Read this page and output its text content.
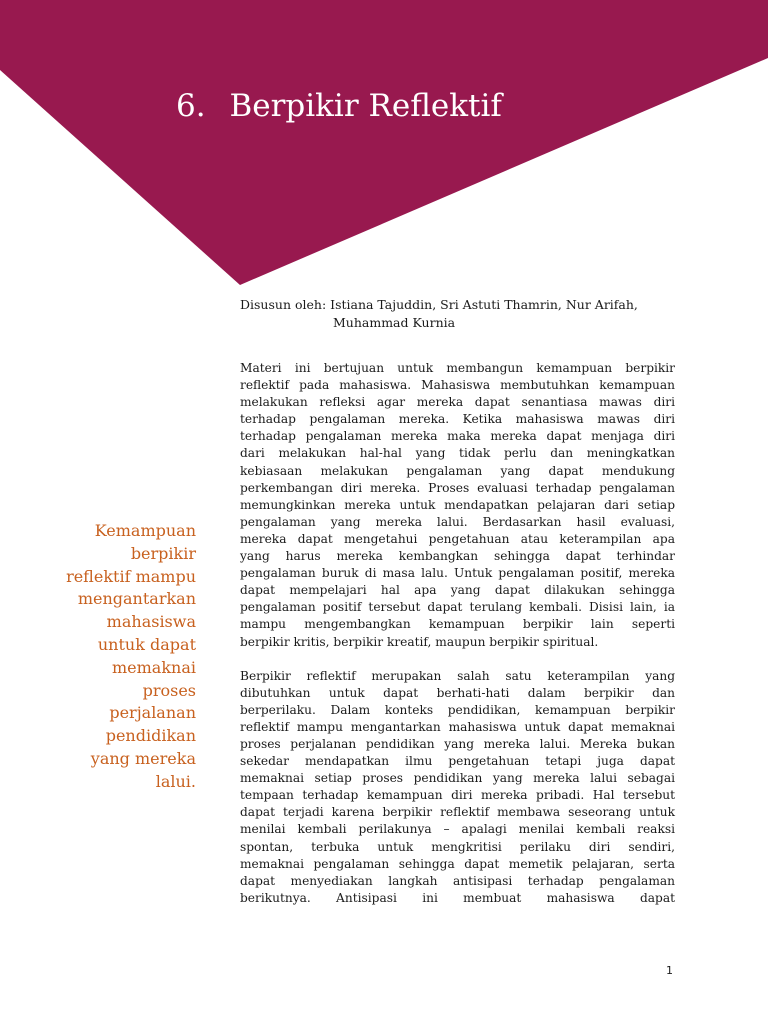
6. Berpikir Reflektif
Disusun oleh: Istiana Tajuddin, Sri Astuti Thamrin, Nur Arifah,
Muhammad Kurnia
Kemampuan
berpikir
reflektif mampu
mengantarkan
mahasiswa
untuk dapat
memaknai
proses
perjalanan
pendidikan
yang mereka
lalui.

Materi ini bertujuan untuk membangun kemampuan berpikir
reflektif pada mahasiswa. Mahasiswa membutuhkan kemampuan
melakukan refleksi agar mereka dapat senantiasa mawas diri
terhadap pengalaman mereka. Ketika mahasiswa mawas diri
terhadap pengalaman mereka maka mereka dapat menjaga diri
dari melakukan hal-hal yang tidak perlu dan meningkatkan
kebiasaan melakukan pengalaman yang dapat mendukung
perkembangan diri mereka. Proses evaluasi terhadap pengalaman
memungkinkan mereka untuk mendapatkan pelajaran dari setiap
pengalaman yang mereka lalui. Berdasarkan hasil evaluasi,
mereka dapat mengetahui pengetahuan atau keterampilan apa
yang harus mereka kembangkan sehingga dapat terhindar
pengalaman buruk di masa lalu. Untuk pengalaman positif, mereka
dapat mempelajari hal apa yang dapat dilakukan sehingga
pengalaman positif tersebut dapat terulang kembali. Disisi lain, ia
mampu mengembangkan kemampuan berpikir lain seperti
berpikir kritis, berpikir kreatif, maupun berpikir spiritual.

Berpikir reflektif merupakan salah satu keterampilan yang
dibutuhkan untuk dapat berhati-hati dalam berpikir dan
berperilaku. Dalam konteks pendidikan, kemampuan berpikir
reflektif mampu mengantarkan mahasiswa untuk dapat memaknai
proses perjalanan pendidikan yang mereka lalui. Mereka bukan
sekedar mendapatkan ilmu pengetahuan tetapi juga dapat
memaknai setiap proses pendidikan yang mereka lalui sebagai
tempaan terhadap kemampuan diri mereka pribadi. Hal tersebut
dapat terjadi karena berpikir reflektif membawa seseorang untuk
menilai kembali perilakunya – apalagi menilai kembali reaksi
spontan, terbuka untuk mengkritisi perilaku diri sendiri,
memaknai pengalaman sehingga dapat memetik pelajaran, serta
dapat menyediakan langkah antisipasi terhadap pengalaman
berikutnya. Antisipasi ini membuat mahasiswa dapat

1
